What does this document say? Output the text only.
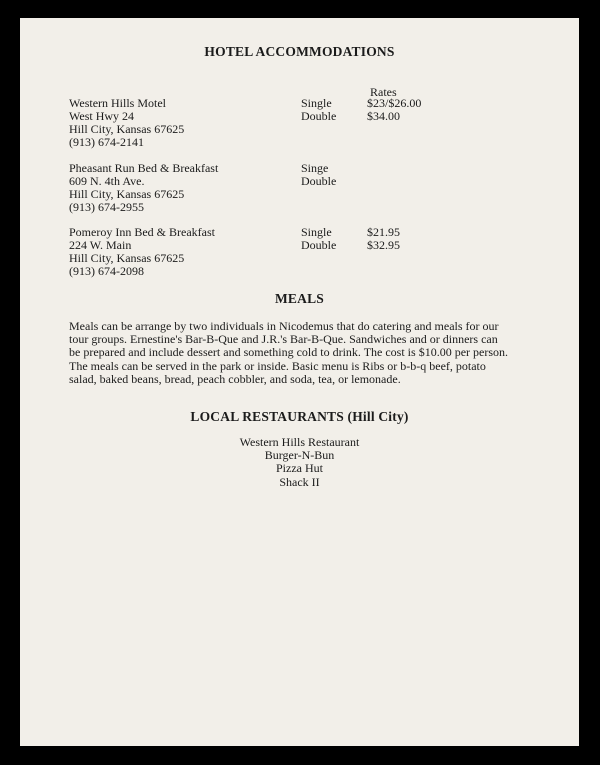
HOTEL ACCOMMODATIONS
Rates
Western Hills Motel
West Hwy 24
Hill City, Kansas 67625
(913) 674-2141
Single
Double
$23/$26.00
$34.00
Pheasant Run Bed & Breakfast
609 N. 4th Ave.
Hill City, Kansas 67625
(913) 674-2955
Singe
Double
Pomeroy Inn Bed & Breakfast
224 W. Main
Hill City, Kansas 67625
(913) 674-2098
Single
Double
$21.95
$32.95
MEALS
Meals can be arrange by two individuals in Nicodemus that do catering and meals for our
tour groups. Ernestine's Bar-B-Que and J.R.'s Bar-B-Que. Sandwiches and or dinners can
be prepared and include dessert and something cold to drink. The cost is $10.00 per person.
The meals can be served in the park or inside. Basic menu is Ribs or b-b-q beef, potato
salad, baked beans, bread, peach cobbler, and soda, tea, or lemonade.
LOCAL RESTAURANTS (Hill City)
Western Hills Restaurant
Burger-N-Bun
Pizza Hut
Shack II
